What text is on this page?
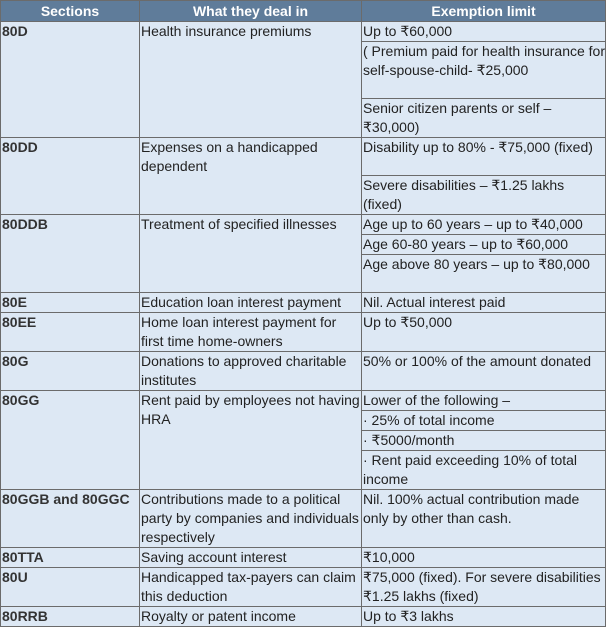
Sections	What they deal in	Exemption limit
80D	Health insurance premiums	Up to ₹60,000
		( Premium paid for health insurance for self-spouse-child- ₹25,000
		Senior citizen parents or self –₹30,000)
80DD	Expenses on a handicapped dependent	Disability up to 80% - ₹75,000 (fixed)
		Severe disabilities – ₹1.25 lakhs (fixed)
80DDB	Treatment of specified illnesses	Age up to 60 years – up to ₹40,000
		Age 60-80 years – up to ₹60,000
		Age above 80 years – up to ₹80,000
80E	Education loan interest payment	Nil. Actual interest paid
80EE	Home loan interest payment for first time home-owners	Up to ₹50,000
80G	Donations to approved charitable institutes	50% or 100% of the amount donated
80GG	Rent paid by employees not having HRA	Lower of the following –
		· 25% of total income
		· ₹5000/month
		· Rent paid exceeding 10% of total income
80GGB and 80GGC	Contributions made to a political party by companies and individuals respectively	Nil. 100% actual contribution made only by other than cash.
80TTA	Saving account interest	₹10,000
80U	Handicapped tax-payers can claim this deduction	₹75,000 (fixed). For severe disabilities ₹1.25 lakhs (fixed)
80RRB	Royalty or patent income	Up to ₹3 lakhs
